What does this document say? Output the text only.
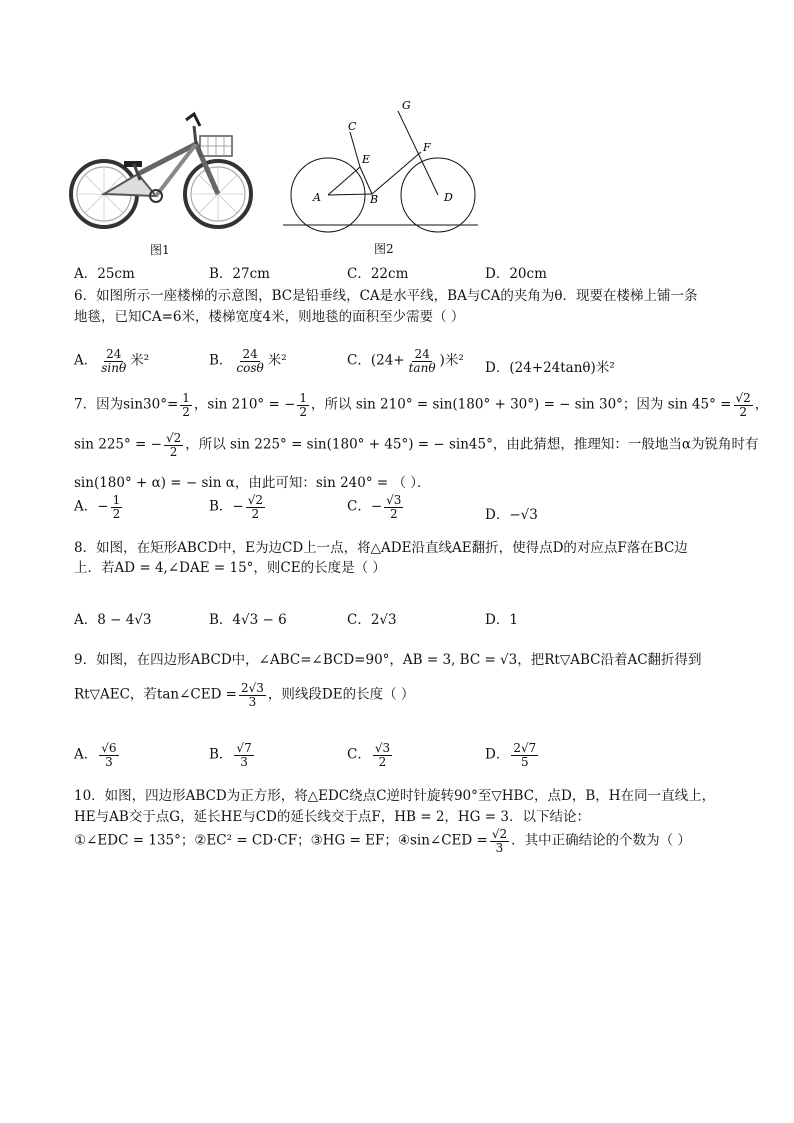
图1
G
C
E
F
A	B	D
图2
A．25cm	B．27cm	C．22cm	D．20cm
6．如图所示一座楼梯的示意图，BC是铅垂线，CA是水平线，BA与CA的夹角为θ．现要在楼梯上铺一条
地毯，已知CA=6米，楼梯宽度4米，则地毯的面积至少需要（ ）
A． $\frac{24}{\sin\theta}$ 米²	B． $\frac{24}{\cos\theta}$ 米²	C．($24+ \frac{24}{\tan\theta}$ )米² D．(24+24tanθ)米²
7．因为$\sin 30^\circ= \frac{1}{2}$ ，sin 210° = − $\frac{1}{2}$ ，所以 sin 210° = sin(180° + 30°) = − sin 30°；因为 $\sin 45^\circ = \frac{√2}{2}$ ，
sin 225° = − $\frac{√2}{2}$ ，所以 sin 225° = sin(180° + 45°) = − sin45°，由此猜想，推理知：一般地当α为锐角时有
sin(180° + α) = − sin α，由此可知：sin 240° = （ ）．
A．− $\frac{1}{2}$	B．− $\frac{√2}{2}$	C．− $\frac{√3}{2}$	D．−√3
8．如图，在矩形ABCD中，E为边CD上一点，将△ADE沿直线AE翻折，使得点D的对应点F落在BC边
上．若AD = 4,∠DAE = 15°，则CE的长度是（ ）
A．8 − 4√3	B．4√3 − 6	C．2√3	D．1
9．如图，在四边形ABCD中，∠ABC=∠BCD=90°，AB = 3, BC = √3，把Rt▽ABC沿着AC翻折得到
Rt▽AEC，若tan∠CED = $\frac{2√3}{3}$ ，则线段DE的长度（ ）
A． $\frac{√6}{3}$	B． $\frac{√7}{3}$	C． $\frac{√3}{2}$	D． $\frac{2√7}{5}$
10．如图，四边形ABCD为正方形，将△EDC绕点C逆时针旋转90°至▽HBC，点D，B，H在同一直线上，
HE与AB交于点G，延长HE与CD的延长线交于点F，HB = 2，HG = 3．以下结论：
①∠EDC = 135°；②EC² = CD·CF；③HG = EF；④sin∠CED = $\frac{√2}{3}$ ．其中正确结论的个数为（ ）
